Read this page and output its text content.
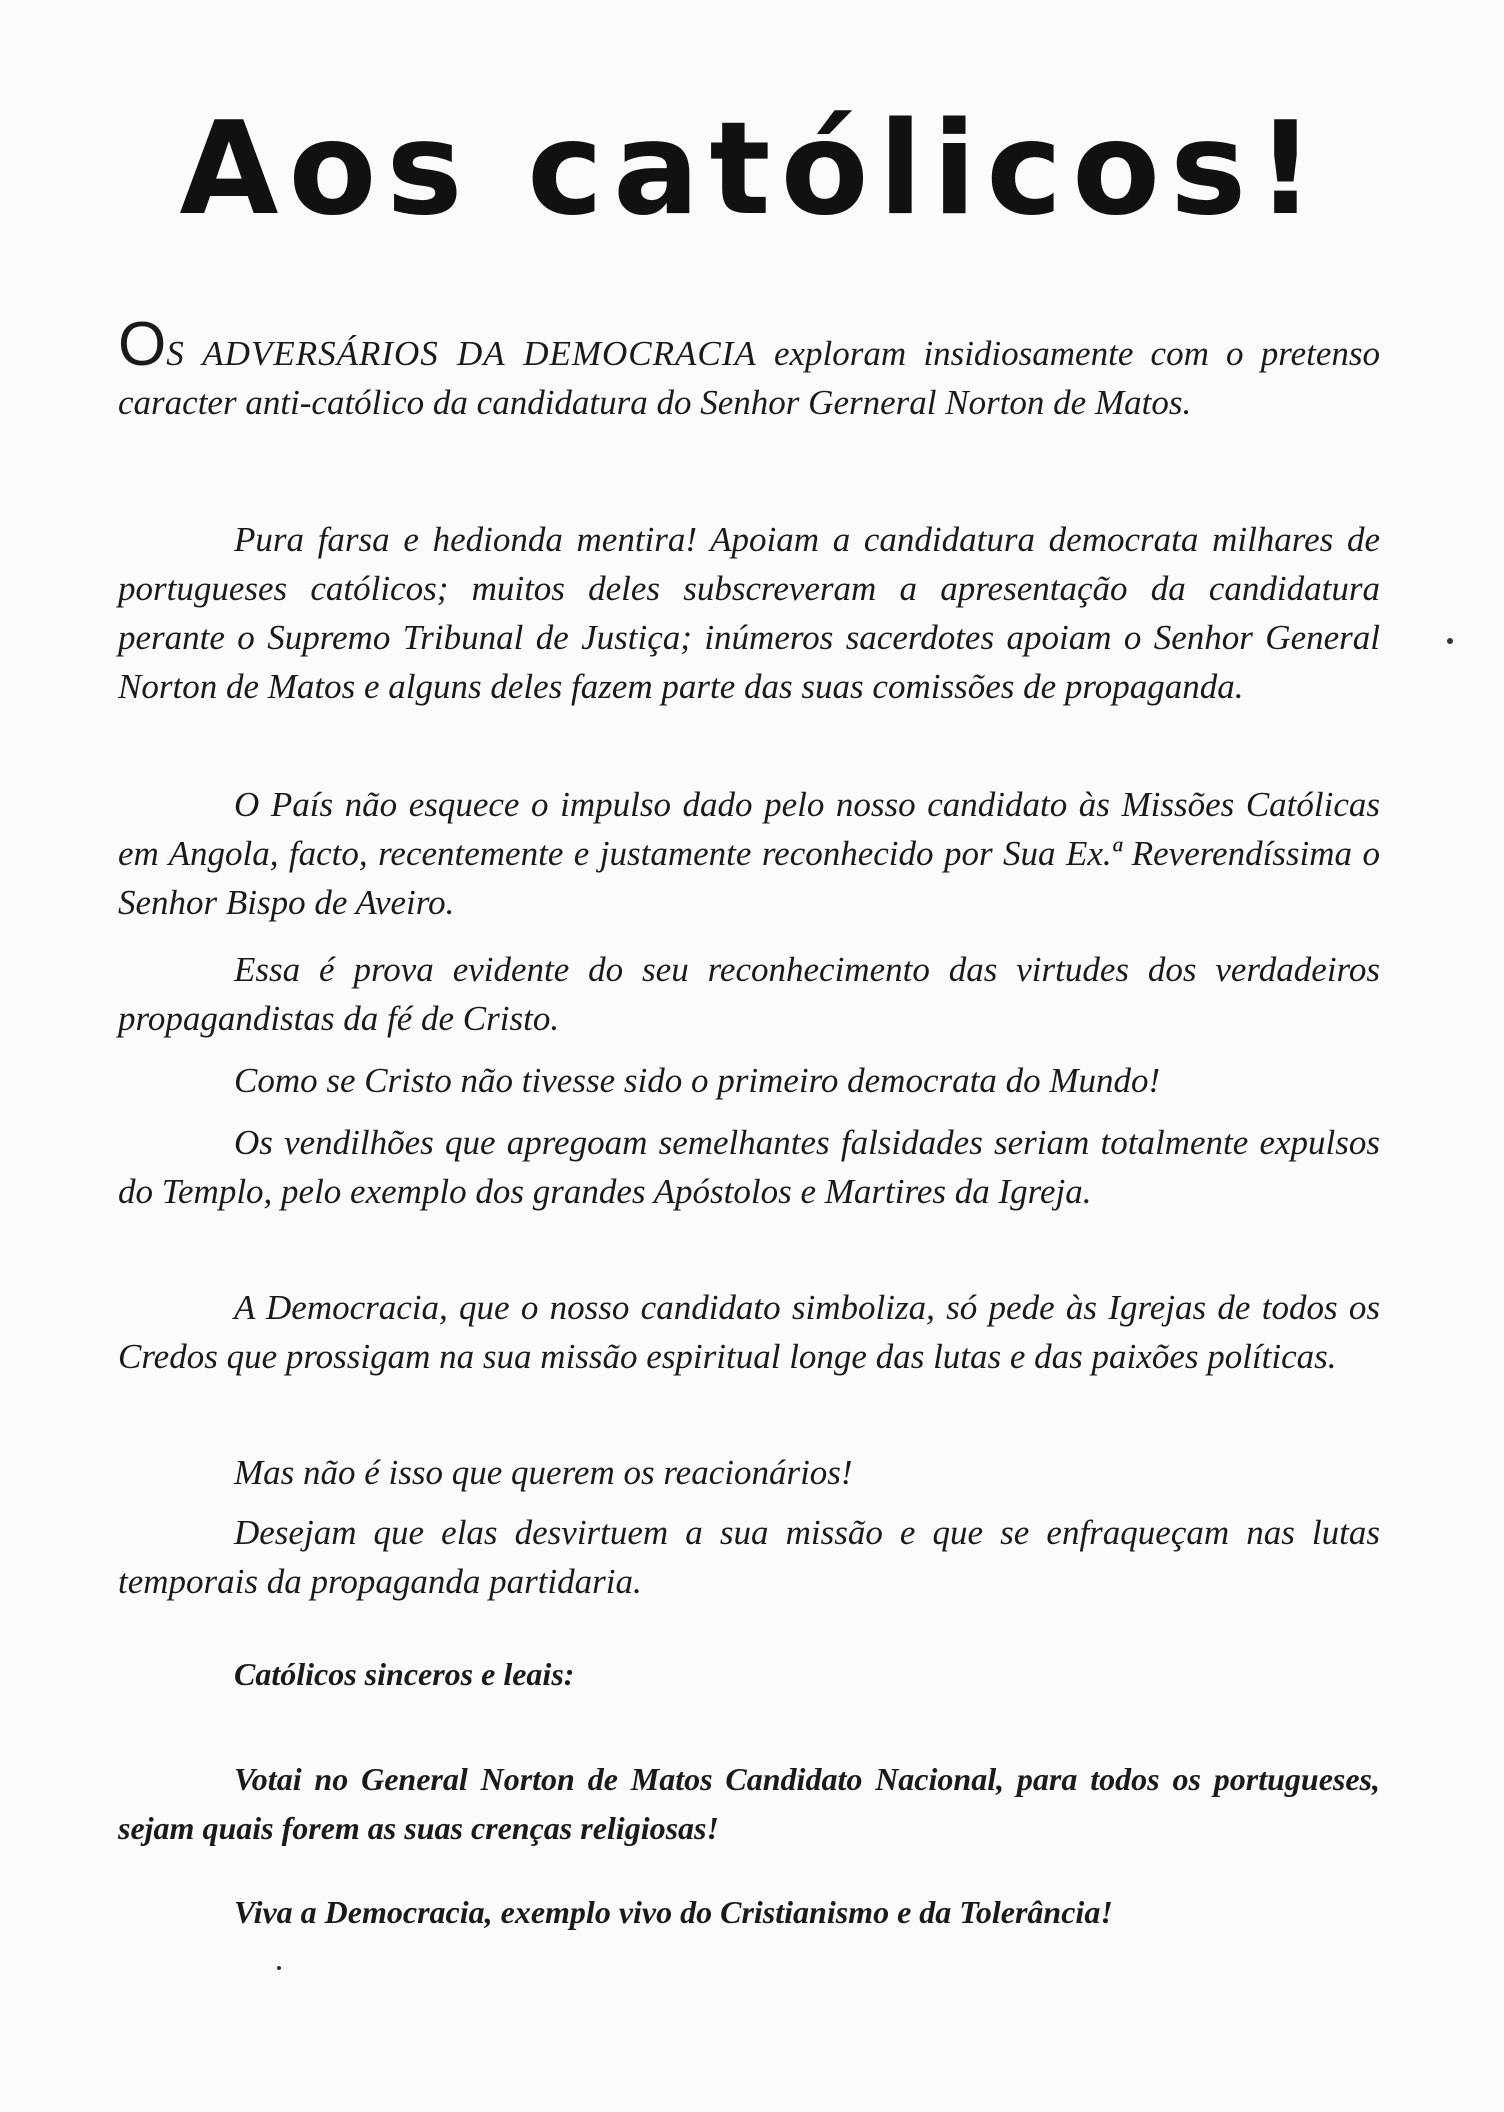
Aos católicos!

OS ADVERSÁRIOS DA DEMOCRACIA exploram insidiosamente com o pretenso caracter anti-católico da candidatura do Senhor Gerneral Norton de Matos.

Pura farsa e hedionda mentira! Apoiam a candidatura democrata milhares de portugueses católicos; muitos deles subscreveram a apresentação da candidatura perante o Supremo Tribunal de Justiça; inúmeros sacerdotes apoiam o Senhor General Norton de Matos e alguns deles fazem parte das suas comissões de propaganda.

O País não esquece o impulso dado pelo nosso candidato às Missões Católicas em Angola, facto, recentemente e justamente reconhecido por Sua Ex.ª Reverendíssima o Senhor Bispo de Aveiro.

Essa é prova evidente do seu reconhecimento das virtudes dos verdadeiros propagandistas da fé de Cristo.

Como se Cristo não tivesse sido o primeiro democrata do Mundo!

Os vendilhões que apregoam semelhantes falsidades seriam totalmente expulsos do Templo, pelo exemplo dos grandes Apóstolos e Martires da Igreja.

A Democracia, que o nosso candidato simboliza, só pede às Igrejas de todos os Credos que prossigam na sua missão espiritual longe das lutas e das paixões políticas.

Mas não é isso que querem os reacionários!

Desejam que elas desvirtuem a sua missão e que se enfraqueçam nas lutas temporais da propaganda partidaria.

Católicos sinceros e leais:

Votai no General Norton de Matos Candidato Nacional, para todos os portugueses, sejam quais forem as suas crenças religiosas!

Viva a Democracia, exemplo vivo do Cristianismo e da Tolerância!
